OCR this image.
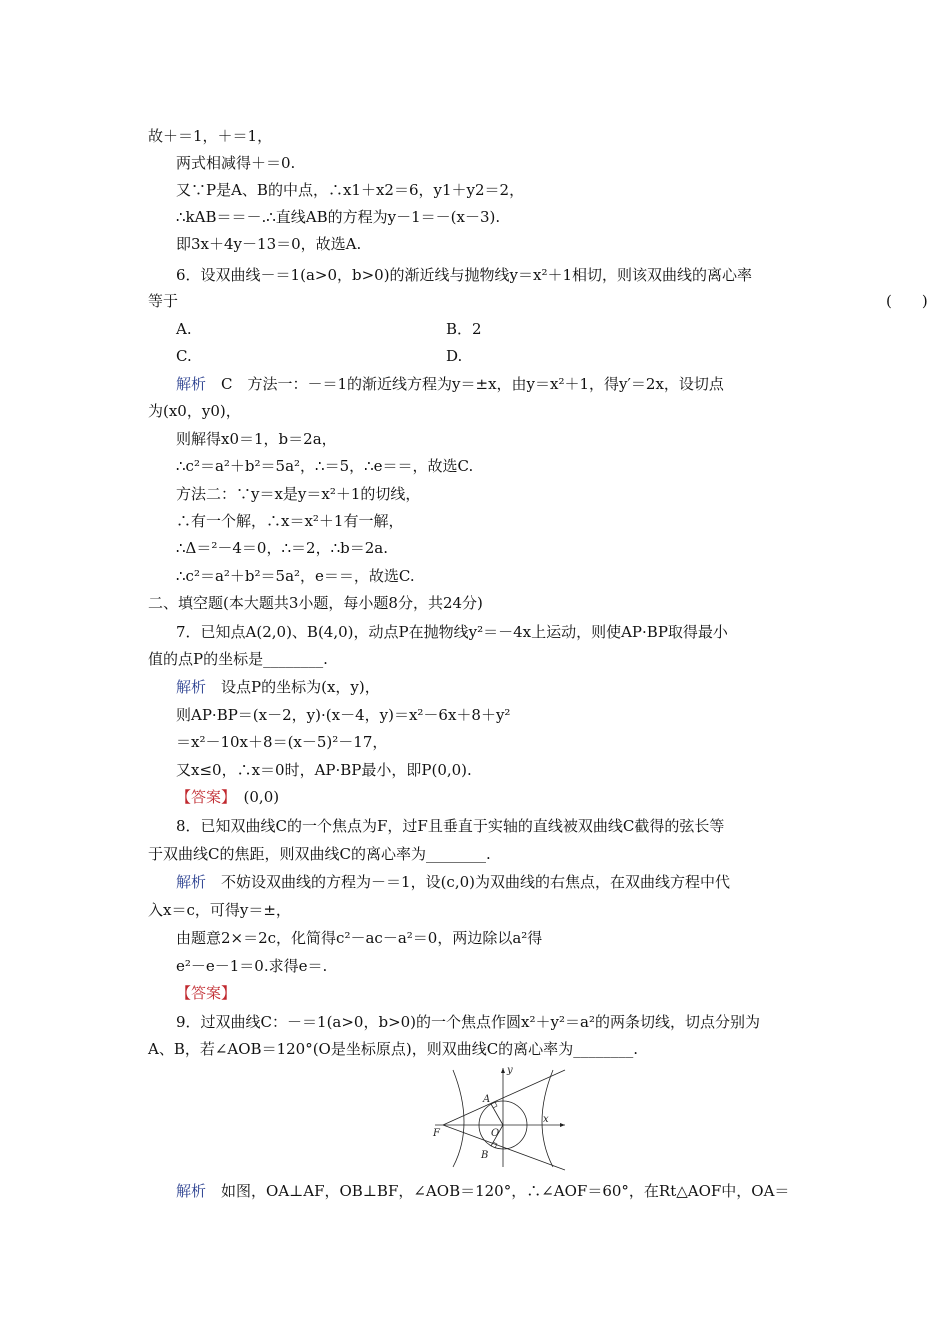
故＋＝1，＋＝1，
两式相减得＋＝0.
又∵P是A、B的中点，∴x1＋x2＝6，y1＋y2＝2，
∴kAB＝＝－.∴直线AB的方程为y－1＝－(x－3).
即3x＋4y－13＝0，故选A.
6．设双曲线－＝1(a>0，b>0)的渐近线与抛物线y＝x²＋1相切，则该双曲线的离心率
等于	(　　)
A.	B．2
C.	D.
解析　 C　方法一：－＝1的渐近线方程为y＝±x，由y＝x²＋1，得y′＝2x，设切点
为(x0，y0)，
则解得x0＝1，b＝2a，
∴c²＝a²＋b²＝5a²，∴＝5，∴e＝＝，故选C.
方法二：∵y＝x是y＝x²＋1的切线，
∴有一个解，∴x＝x²＋1有一解，
∴Δ＝²－4＝0，∴＝2，∴b＝2a.
∴c²＝a²＋b²＝5a²，e＝＝，故选C.
二、填空题(本大题共3小题，每小题8分，共24分)
7．已知点A(2,0)、B(4,0)，动点P在抛物线y²＝－4x上运动，则使AP·BP取得最小
值的点P的坐标是________.
解析　 设点P的坐标为(x，y)，
则AP·BP＝(x－2，y)·(x－4，y)＝x²－6x＋8＋y²
＝x²－10x＋8＝(x－5)²－17，
又x≤0，∴x＝0时，AP·BP最小，即P(0,0).
【答案】　 (0,0)
8．已知双曲线C的一个焦点为F，过F且垂直于实轴的直线被双曲线C截得的弦长等
于双曲线C的焦距，则双曲线C的离心率为________.
解析　 不妨设双曲线的方程为－＝1，设(c,0)为双曲线的右焦点，在双曲线方程中代
入x＝c，可得y＝±，
由题意2×＝2c，化简得c²－ac－a²＝0，两边除以a²得
e²－e－1＝0.求得e＝.
【答案】
9．过双曲线C：－＝1(a>0，b>0)的一个焦点作圆x²＋y²＝a²的两条切线，切点分别为
A、B，若∠AOB＝120°(O是坐标原点)，则双曲线C的离心率为________.
y
A
F	O
x
B
解析　 如图，OA⊥AF，OB⊥BF，∠AOB＝120°，∴∠AOF＝60°，在Rt△AOF中，OA＝
